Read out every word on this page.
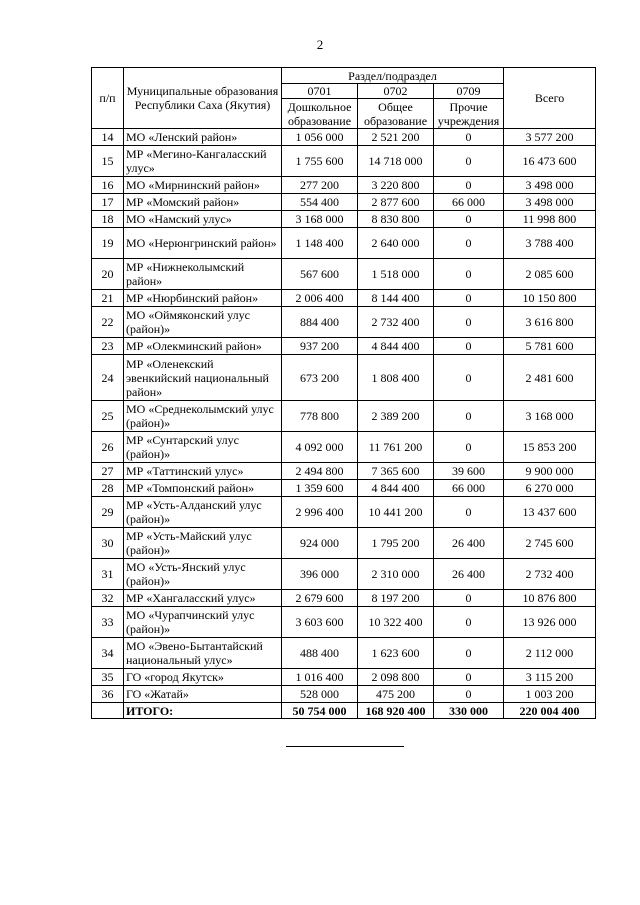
2
п/п	Муниципальные образования Республики Саха (Якутия)	Раздел/подраздел			Всего
		0701	0702	0709	
		Дошкольное образование	Общее образование	Прочие учреждения	
14	МО «Ленский район»	1 056 000	2 521 200	0	3 577 200
15	МР «Мегино-Кангаласский улус»	1 755 600	14 718 000	0	16 473 600
16	МО «Мирнинский район»	277 200	3 220 800	0	3 498 000
17	МР «Момский район»	554 400	2 877 600	66 000	3 498 000
18	МО «Намский улус»	3 168 000	8 830 800	0	11 998 800
19	МО «Нерюнгринский район»	1 148 400	2 640 000	0	3 788 400
20	МР «Нижнеколымский район»	567 600	1 518 000	0	2 085 600
21	МР «Нюрбинский район»	2 006 400	8 144 400	0	10 150 800
22	МО «Оймяконский улус (район)»	884 400	2 732 400	0	3 616 800
23	МР «Олекминский район»	937 200	4 844 400	0	5 781 600
24	МР «Оленекский эвенкийский национальный район»	673 200	1 808 400	0	2 481 600
25	МО «Среднеколымский улус (район)»	778 800	2 389 200	0	3 168 000
26	МР «Сунтарский улус (район)»	4 092 000	11 761 200	0	15 853 200
27	МР «Таттинский улус»	2 494 800	7 365 600	39 600	9 900 000
28	МР «Томпонский район»	1 359 600	4 844 400	66 000	6 270 000
29	МР «Усть-Алданский улус (район)»	2 996 400	10 441 200	0	13 437 600
30	МР «Усть-Майский улус (район)»	924 000	1 795 200	26 400	2 745 600
31	МО «Усть-Янский улус (район)»	396 000	2 310 000	26 400	2 732 400
32	МР «Хангаласский улус»	2 679 600	8 197 200	0	10 876 800
33	МО «Чурапчинский улус (район)»	3 603 600	10 322 400	0	13 926 000
34	МО «Эвено-Бытантайский национальный улус»	488 400	1 623 600	0	2 112 000
35	ГО «город Якутск»	1 016 400	2 098 800	0	3 115 200
36	ГО «Жатай»	528 000	475 200	0	1 003 200
	ИТОГО:	50 754 000	168 920 400	330 000	220 004 400
